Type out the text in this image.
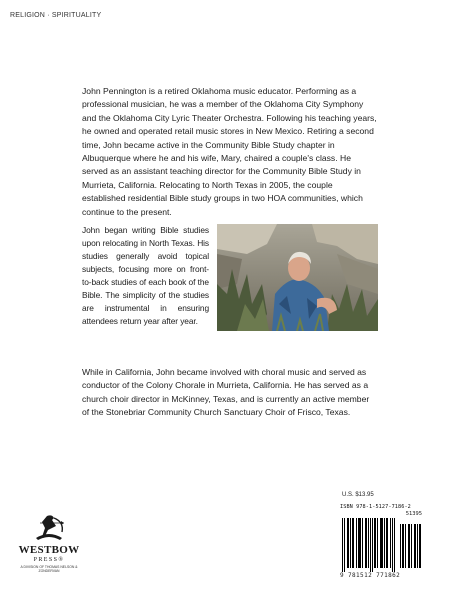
RELIGION · SPIRITUALITY

John Pennington is a retired Oklahoma music educator. Performing as a professional musician, he was a member of the Oklahoma City Symphony and the Oklahoma City Lyric Theater Orchestra. Following his teaching years, he owned and operated retail music stores in New Mexico. Retiring a second time, John became active in the Community Bible Study chapter in Albuquerque where he and his wife, Mary, chaired a couple's class. He served as an assistant teaching director for the Community Bible Study in Murrieta, California. Relocating to North Texas in 2005, the couple established residential Bible study groups in two HOA communities, which continue to the present.

John began writing Bible studies upon relocating in North Texas. His studies generally avoid topical subjects, focusing more on front-to-back studies of each book of the Bible. The simplicity of the studies are instrumental in ensuring attendees return year after year.

While in California, John became involved with choral music and served as conductor of the Colony Chorale in Murrieta, California. He has served as a church choir director in McKinney, Texas, and is currently an active member of the Stonebriar Community Church Sanctuary Choir of Frisco, Texas.

U.S. $13.95
ISBN 978-1-5127-7186-2
51395
9 781512 771862
WESTBOW
PRESS®
A DIVISION OF THOMAS NELSON & ZONDERVAN
